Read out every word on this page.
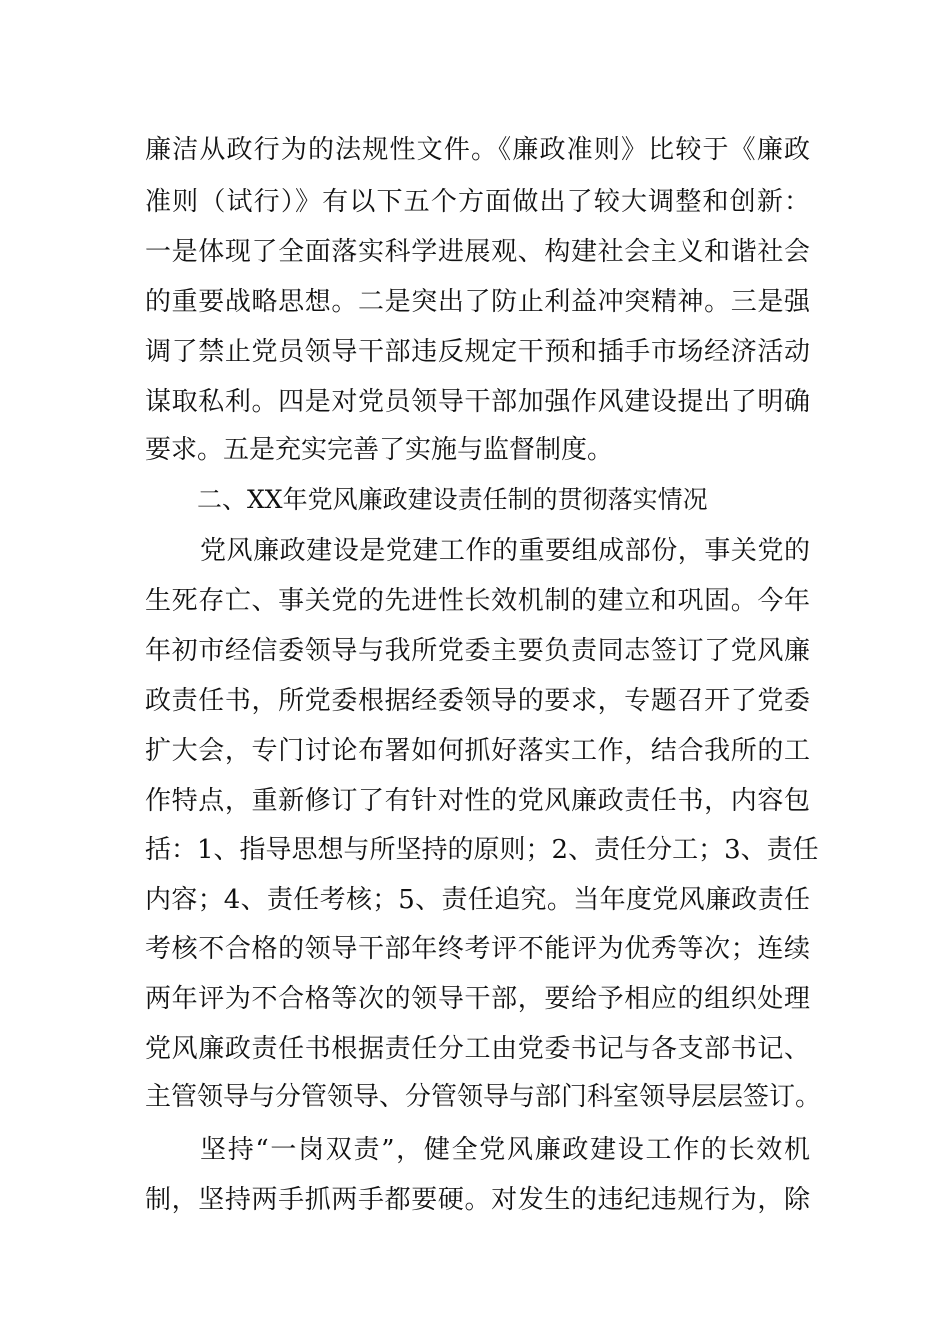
廉洁从政行为的法规性文件。《廉政准则》比较于《廉政
准则（试行）》有以下五个方面做出了较大调整和创新：
一是体现了全面落实科学进展观、构建社会主义和谐社会
的重要战略思想。二是突出了防止利益冲突精神。三是强
调了禁止党员领导干部违反规定干预和插手市场经济活动
谋取私利。四是对党员领导干部加强作风建设提出了明确
要求。五是充实完善了实施与监督制度。
二、XX年党风廉政建设责任制的贯彻落实情况
党风廉政建设是党建工作的重要组成部份，事关党的
生死存亡、事关党的先进性长效机制的建立和巩固。今年
年初市经信委领导与我所党委主要负责同志签订了党风廉
政责任书，所党委根据经委领导的要求，专题召开了党委
扩大会，专门讨论布署如何抓好落实工作，结合我所的工
作特点，重新修订了有针对性的党风廉政责任书，内容包
括：1、指导思想与所坚持的原则；2、责任分工；3、责任
内容；4、责任考核；5、责任追究。当年度党风廉政责任
考核不合格的领导干部年终考评不能评为优秀等次；连续
两年评为不合格等次的领导干部，要给予相应的组织处理
党风廉政责任书根据责任分工由党委书记与各支部书记、
主管领导与分管领导、分管领导与部门科室领导层层签订。
坚持“一岗双责”，健全党风廉政建设工作的长效机
制，坚持两手抓两手都要硬。对发生的违纪违规行为，除
